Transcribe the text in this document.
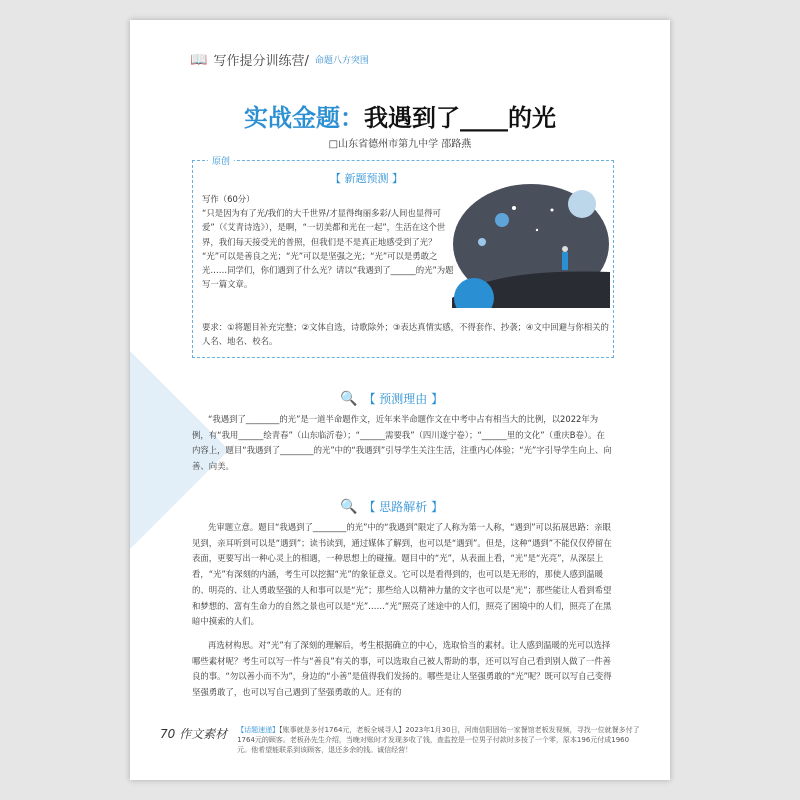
📖 写作提分训练营/ 命题八方突围
实战金题：我遇到了____的光
□山东省德州市第九中学 邵路燕
原创
【 新题预测 】
写作（60分）
“只是因为有了光/我们的大千世界/才显得绚丽多彩/人间也显得可爱”（《艾青诗选》），是啊，“一切美都和光在一起”，生活在这个世界，我们每天接受光的普照，但我们是不是真正地感受到了光？
“光”可以是善良之光；“光”可以是坚强之光；“光”可以是勇敢之光……同学们，你们遇到了什么光？请以“我遇到了______的光”为题写一篇文章。
要求：①将题目补充完整；②文体自选，诗歌除外；③表达真情实感，不得套作、抄袭；④文中回避与你相关的人名、地名、校名。
🔍 【 预测理由 】
“我遇到了________的光”是一道半命题作文，近年来半命题作文在中考中占有相当大的比例，以2022年为例，有“我用______绘青春”（山东临沂卷）；“______需要我”（四川遂宁卷）；“______里的文化”（重庆B卷）。在内容上，题目“我遇到了________的光”中的“我遇到”引导学生关注生活，注重内心体验；“光”字引导学生向上、向善、向美。
🔍 【 思路解析 】
先审题立意。题目“我遇到了________的光”中的“我遇到”限定了人称为第一人称，“遇到”可以拓展思路：亲眼见到，亲耳听到可以是“遇到”；读书读到，通过媒体了解到，也可以是“遇到”。但是，这种“遇到”不能仅仅停留在表面，更要写出一种心灵上的相遇，一种思想上的碰撞。题目中的“光”，从表面上看，“光”是“光亮”，从深层上看，“光”有深刻的内涵，考生可以挖掘“光”的象征意义。它可以是看得到的，也可以是无形的，那使人感到温暖的、明亮的、让人勇敢坚强的人和事可以是“光”；那些给人以精神力量的文字也可以是“光”；那些能让人看到希望和梦想的、富有生命力的自然之景也可以是“光”……“光”照亮了迷途中的人们，照亮了困境中的人们，照亮了在黑暗中摸索的人们。
再选材构思。对“光”有了深刻的理解后，考生根据确立的中心，选取恰当的素材。让人感到温暖的光可以选择哪些素材呢？考生可以写一件与“善良”有关的事，可以选取自己被人帮助的事，还可以写自己看到别人做了一件善良的事。“勿以善小而不为”，身边的“小善”是值得我们发扬的。哪些是让人坚强勇敢的“光”呢？既可以写自己变得坚强勇敢了，也可以写自己遇到了坚强勇敢的人。还有的
70 作文素材 【话题速递】【账事就是多付1764元，老板全城寻人】2023年1月30日，河南信阳固始一家餐馆老板发视频，寻找一位就餐多付了1764元的顾客。老板孙先生介绍，当晚对账时才发现多收了钱，查监控是一位男子付款时多按了一个零，原本196元付成1960元。他希望能联系到该顾客，退还多余的钱。诚信经营！
